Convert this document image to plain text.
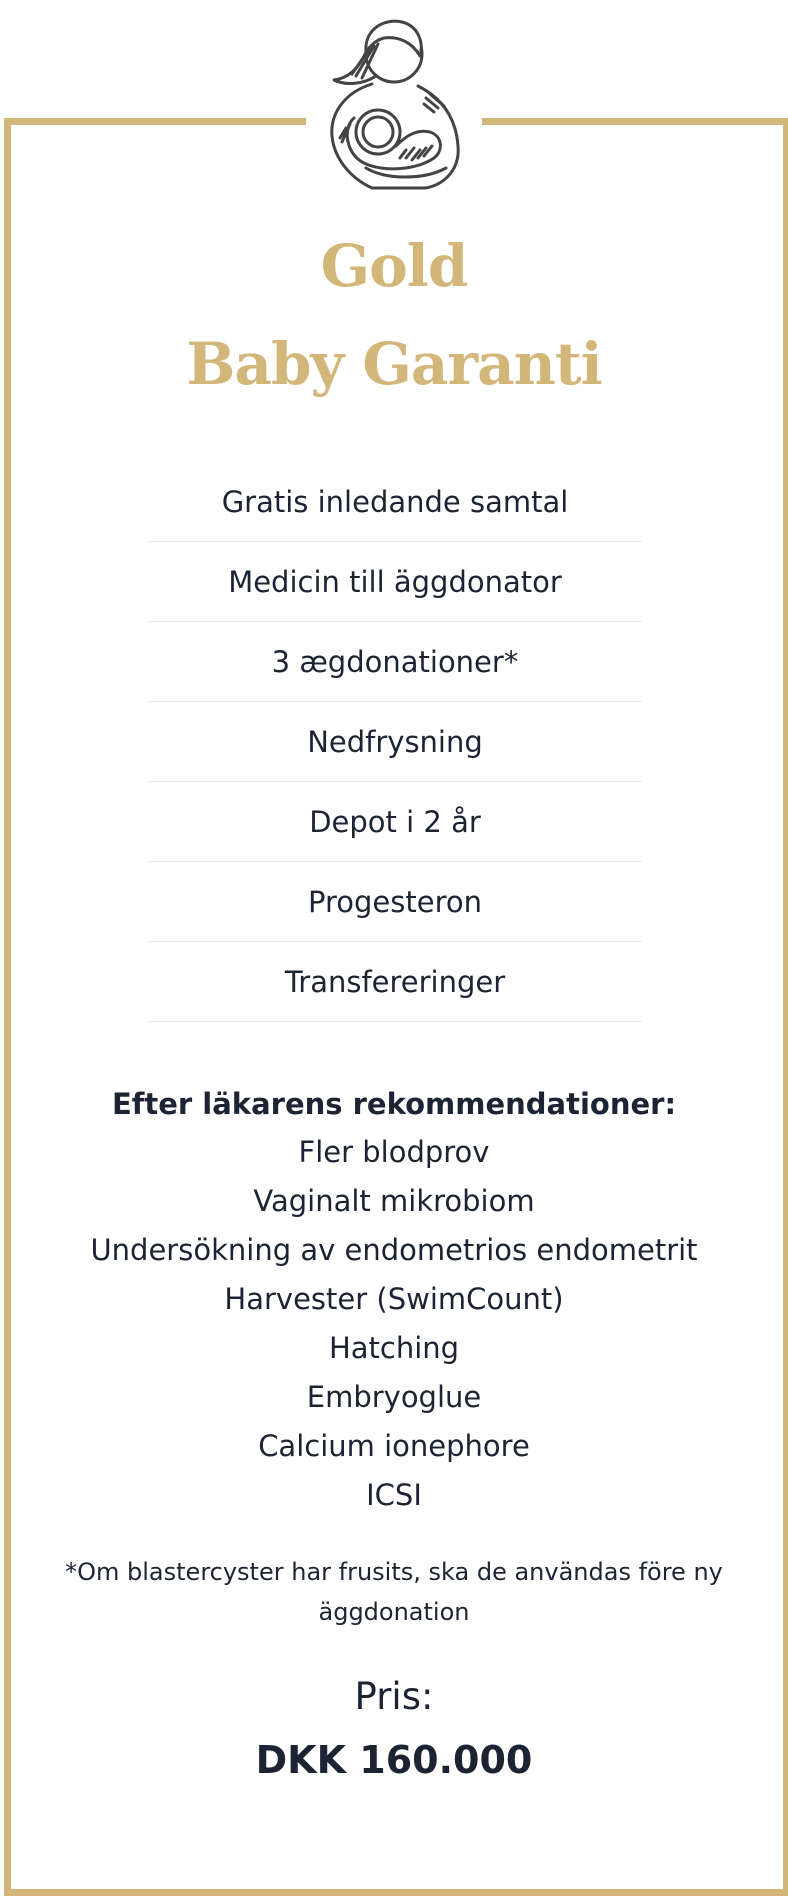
Gold
Baby Garanti
Gratis inledande samtal
Medicin till äggdonator
3 ægdonationer*
Nedfrysning
Depot i 2 år
Progesteron
Transfereringer
Efter läkarens rekommendationer:
Fler blodprov
Vaginalt mikrobiom
Undersökning av endometrios endometrit
Harvester (SwimCount)
Hatching
Embryoglue
Calcium ionephore
ICSI
*Om blastercyster har frusits, ska de användas före ny äggdonation
Pris:
DKK 160.000
